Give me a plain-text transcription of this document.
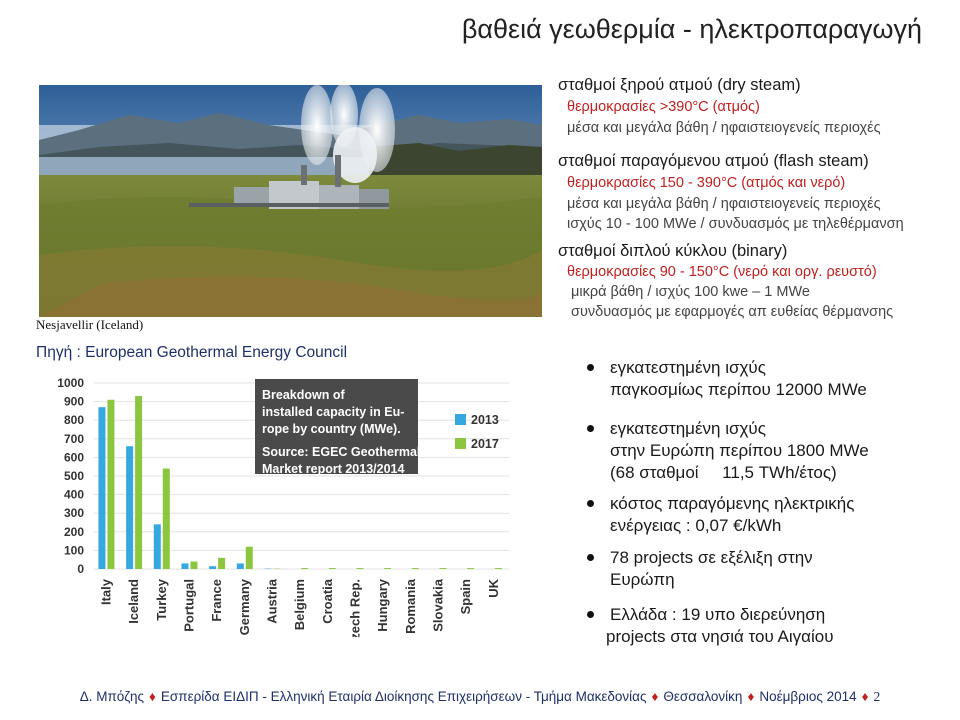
βαθειά γεωθερμία - ηλεκτροπαραγωγή
Nesjavellir (Iceland)
Πηγή : European Geothermal Energy Council
0
100
200
300
400
500
600
700
800
900
1000
Italy Iceland Turkey Portugal France Germany Austria Belgium Croatia Czech Rep. Hungary Romania Slovakia Spain UK
Breakdown of
installed capacity in Eu-
rope by country (MWe).
Source: EGEC Geothermal
Market report 2013/2014
2013
2017
σταθμοί ξηρού ατμού (dry steam)
θερμοκρασίες >390°C (ατμός)
μέσα και μεγάλα βάθη / ηφαιστειογενείς περιοχές
σταθμοί παραγόμενου ατμού (flash steam)
θερμοκρασίες 150 - 390°C (ατμός και νερό)
μέσα και μεγάλα βάθη / ηφαιστειογενείς περιοχές
ισχύς 10 - 100 MWe / συνδυασμός με τηλεθέρμανση
σταθμοί διπλού κύκλου (binary)
θερμοκρασίες 90 - 150°C (νερό και οργ. ρευστό)
μικρά βάθη / ισχύς 100 kwe – 1 MWe
συνδυασμός με εφαρμογές απ ευθείας θέρμανσης
εγκατεστημένη ισχύς
παγκοσμίως περίπου 12000 MWe
εγκατεστημένη ισχύς
στην Ευρώπη περίπου 1800 MWe
(68 σταθμοί     11,5 TWh/έτος)
κόστος παραγόμενης ηλεκτρικής
ενέργειας : 0,07 €/kWh
78 projects σε εξέλιξη στην
Ευρώπη
Ελλάδα : 19 υπο διερεύνηση
projects στα νησιά του Αιγαίου
Δ. Μπόζης ♦ Εσπερίδα ΕΙΔΙΠ - Ελληνική Εταιρία Διοίκησης Επιχειρήσεων - Τμήμα Μακεδονίας ♦ Θεσσαλονίκη ♦ Νοέμβριος 2014 ♦ 2
